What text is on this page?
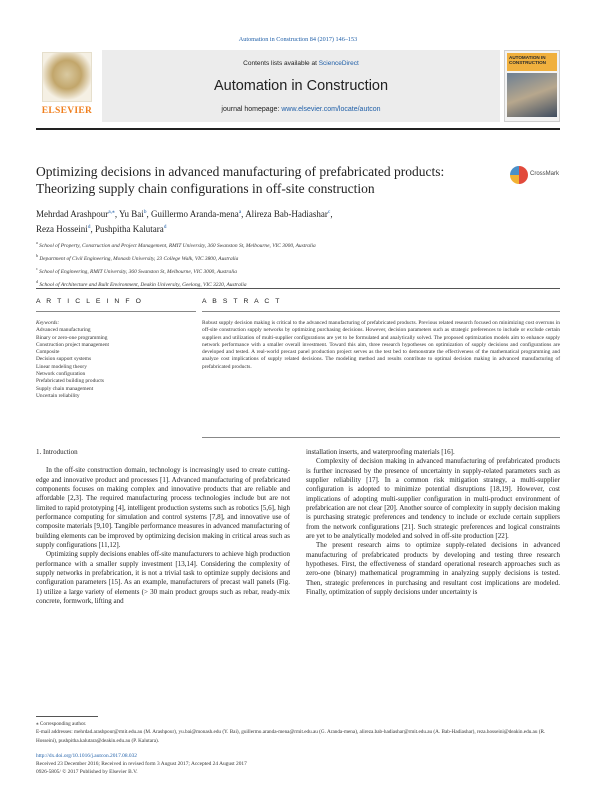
Automation in Construction 84 (2017) 146–153
ELSEVIER
Contents lists available at ScienceDirect
Automation in Construction
journal homepage: www.elsevier.com/locate/autcon
AUTOMATION IN CONSTRUCTION
Optimizing decisions in advanced manufacturing of prefabricated products: Theorizing supply chain configurations in off-site construction
CrossMark
Mehrdad Arashpour$^{a,⁎}$, Yu Bai$^b$, Guillermo Aranda-mena$^a$, Alireza Bab-Hadiashar$^c$,
Reza Hosseini$^d$, Pushpitha Kalutara$^d$
$^a$ School of Property, Construction and Project Management, RMIT University, 360 Swanston St, Melbourne, VIC 3000, Australia
$^b$ Department of Civil Engineering, Monash University, 23 College Walk, VIC 3800, Australia
$^c$ School of Engineering, RMIT University, 360 Swanston St, Melbourne, VIC 3000, Australia
$^d$ School of Architecture and Built Environment, Deakin University, Geelong, VIC 3220, Australia
A R T I C L E I N F O	A B S T R A C T
Keywords:
Advanced manufacturing
Binary or zero-one programming
Construction project management
Composite
Decision support systems
Linear modeling theory
Network configuration
Prefabricated building products
Supply chain management
Uncertain reliability
Robust supply decision making is critical to the advanced manufacturing of prefabricated products. Previous related research focused on minimizing cost overruns in off-site construction supply networks by optimizing purchasing decisions. However, decision parameters such as strategic preferences to include or exclude certain suppliers and utilization of multi-supplier configurations are yet to be formulated and analytically solved. The proposed optimization models aim to enhance supply network performance with a smaller overall investment. Toward this aim, three research hypotheses on optimization of supply decisions and configurations are developed and tested. A real-world precast panel production project serves as the test bed to demonstrate the effectiveness of the mathematical programming and analyze cost implications of supply related decisions. The modeling method and results contribute to optimal decision making in advanced manufacturing of prefabricated products.

1. Introduction

In the off-site construction domain, technology is increasingly used to create cutting-edge and innovative product and processes [1]. Advanced manufacturing of prefabricated components focuses on making complex and innovative products that are reliable and affordable [2,3]. The required manufacturing process technologies include but are not limited to rapid prototyping [4], intelligent production systems such as robotics [5,6], high performance computing for simulation and control systems [7,8], and innovative use of composite materials [9,10]. Tangible performance measures in advanced manufacturing of building elements can be improved by optimizing decision making in critical areas such as supply configurations [11,12].

Optimizing supply decisions enables off-site manufacturers to achieve high production performance with a smaller supply investment [13,14]. Considering the complexity of supply networks in prefabrication, it is not a trivial task to optimize supply decisions and configuration parameters [15]. As an example, manufacturers of precast wall panels (Fig. 1) utilize a large variety of elements (> 30 main product groups such as rebar, ready-mix concrete, formwork, lifting and

installation inserts, and waterproofing materials [16].

Complexity of decision making in advanced manufacturing of prefabricated products is further increased by the presence of uncertainty in supply-related parameters such as supplier reliability [17]. In a common risk mitigation strategy, a multi-supplier configuration is adopted to minimize potential disruptions [18,19]. However, cost implications of adopting multi-supplier configuration in multi-product environment of prefabrication are not clear [20]. Another source of complexity in supply decision making is purchasing strategic preferences and tendency to include or exclude certain suppliers from the network configurations [21]. Such strategic preferences and logical constraints are yet to be analytically modeled and solved in off-site production [22].

The present research aims to optimize supply-related decisions in advanced manufacturing of prefabricated products by developing and testing three research hypotheses. First, the effectiveness of standard operational research approaches such as zero-one (binary) mathematical programming in analyzing supply decisions is tested. Then, strategic preferences in purchasing and resultant cost implications are modeled. Finally, optimization of supply decisions under uncertainty is

⁎ Corresponding author.
E-mail addresses: mehrdad.arashpour@rmit.edu.au (M. Arashpour), yu.bai@monash.edu (Y. Bai), guillermo.aranda-mena@rmit.edu.au (G. Aranda-mena), alireza.bab-hadiashar@rmit.edu.au (A. Bab-Hadiashar), reza.hosseini@deakin.edu.au (R. Hosseini), pushpitha.kalutara@deakin.edu.au (P. Kalutara).
http://dx.doi.org/10.1016/j.autcon.2017.08.032
Received 23 December 2016; Received in revised form 3 August 2017; Accepted 24 August 2017
0926-5805/ © 2017 Published by Elsevier B.V.
